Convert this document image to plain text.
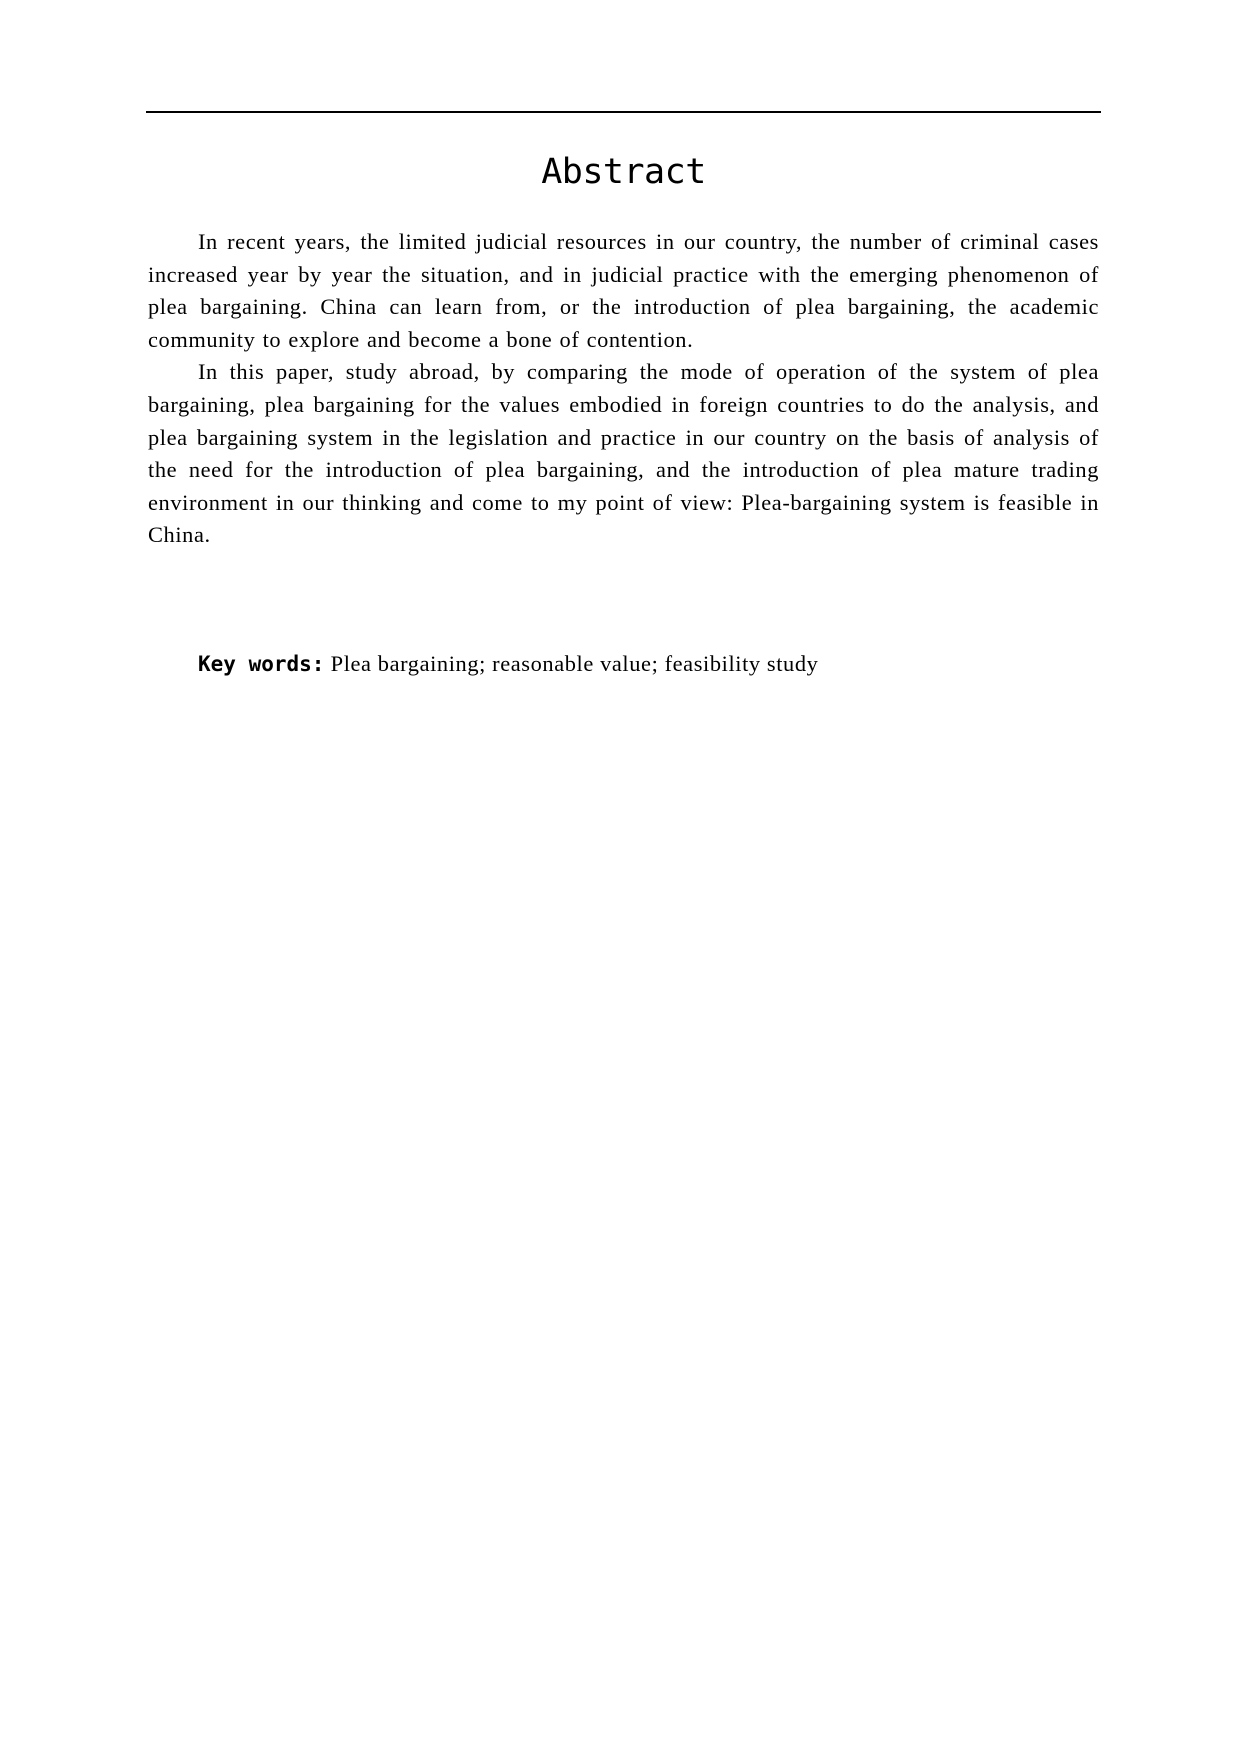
Abstract

In recent years, the limited judicial resources in our country, the number of criminal cases increased year by year the situation, and in judicial practice with the emerging phenomenon of plea bargaining. China can learn from, or the introduction of plea bargaining, the academic community to explore and become a bone of contention.

In this paper, study abroad, by comparing the mode of operation of the system of plea bargaining, plea bargaining for the values embodied in foreign countries to do the analysis, and plea bargaining system in the legislation and practice in our country on the basis of analysis of the need for the introduction of plea bargaining, and the introduction of plea mature trading environment in our thinking and come to my point of view: Plea-bargaining system is feasible in China.

Key words: Plea bargaining; reasonable value; feasibility study
